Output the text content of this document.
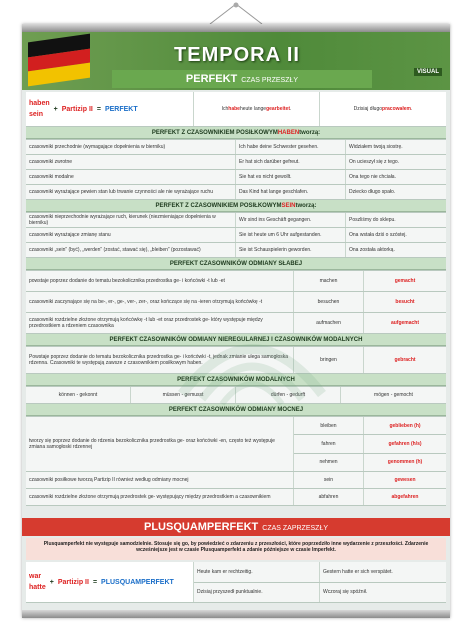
TEMPORA II
VISUAL
PERFEKT CZAS PRZESZŁY
haben
sein
+ Partizip II = PERFEKT	Ich habe heute lange gearbeitet .	Dzisiaj długo pracowałem .
PERFEKT Z CZASOWNIKIEM POSIŁKOWYM HABEN tworzą:
czasowniki przechodnie (wymagające dopełnienia w bierniku)	Ich habe deine Schwester gesehen.	Widziałem twoją siostrę.
czasowniki zwrotne	Er hat sich darüber gefreut.	On ucieszył się z tego.
czasowniki modalne	Sie hat es nicht gewollt.	Ona tego nie chciała.
czasowniki wyrażające pewien stan lub trwanie czynności ale nie wyrażające ruchu	Das Kind hat lange geschlafen.	Dziecko długo spało.
PERFEKT Z CZASOWNIKIEM POSIŁKOWYM SEIN tworzą:
czasowniki nieprzechodnie wyrażające ruch, kierunek (niezmieniające dopełnienia w bierniku)	Wir sind ins Geschäft gegangen.	Poszliśmy do sklepu.
czasowniki wyrażające zmianę stanu	Sie ist heute um 6 Uhr aufgestanden.	Ona wstała dziś o szóstej.
czasowniki „sein” (być), „werden” (zostać, stawać się), „bleiben” (pozostawać)	Sie ist Schauspielerin geworden.	Ona została aktorką.
PERFEKT CZASOWNIKÓW ODMIANY SŁABEJ
powstaje poprzez dodanie do tematu bezokolicznika przedrostka ge- i końcówki -t lub -et	machen	gemacht
czasowniki zaczynające się na be-, er-, ge-, ver-, zer-, oraz kończące się na -ieren otrzymują końcówkę -t	besuchen	besucht
czasowniki rozdzielne złożone otrzymują końcówkę -t lub -et oraz przedrostek ge- który występuje między przedrostkiem a rdzeniem czasownika	aufmachen	aufgemacht
PERFEKT CZASOWNIKÓW ODMIANY NIEREGULARNEJ I CZASOWNIKÓW MODALNYCH
Powstaje poprzez dodanie do tematu bezokolicznika przedrostka ge- i końcówki -t, jednak zmianie ulega samogłoska rdzenna. Czasowniki te występują zawsze z czasownikiem posiłkowym haben.	bringen	gebracht
PERFEKT CZASOWNIKÓW MODALNYCH
können - gekonnt	müssen - gemusst	dürfen - gedurft	mögen - gemocht
PERFEKT CZASOWNIKÓW ODMIANY MOCNEJ
tworzy się poprzez dodanie do rdzenia bezokolicznika przedrostka ge- oraz końcówki -en, często też występuje zmiana samogłoski rdzennej
bleiben	geblieben (h)
fahren	gefahren (h/s)
nehmen	genommen (h)
czasowniki posiłkowe tworzą Partizip II również według odmiany mocnej	sein	gewesen
czasowniki rozdzielne złożone otrzymują przedrostek ge- występujący między przedrostkiem a czasownikiem	abfahren	abgefahren
PLUSQUAMPERFEKT CZAS ZAPRZESZŁY
Plusquamperfekt nie występuje samodzielnie. Stosuje się go, by powiedzieć o zdarzeniu z przeszłości, które poprzedziło inne wydarzenie z przeszłości. Zdarzenie wcześniejsze jest w czasie Plusquamperfekt a zdanie późniejsze w czasie Imperfekt.
war
hatte
+ Partizip II = PLUSQUAMPERFEKT
Heute kam er rechtzeitig.	Gestern hatte er sich verspätet.
Dzisiaj przyszedł punktualnie.	Wczoraj się spóźnił.
